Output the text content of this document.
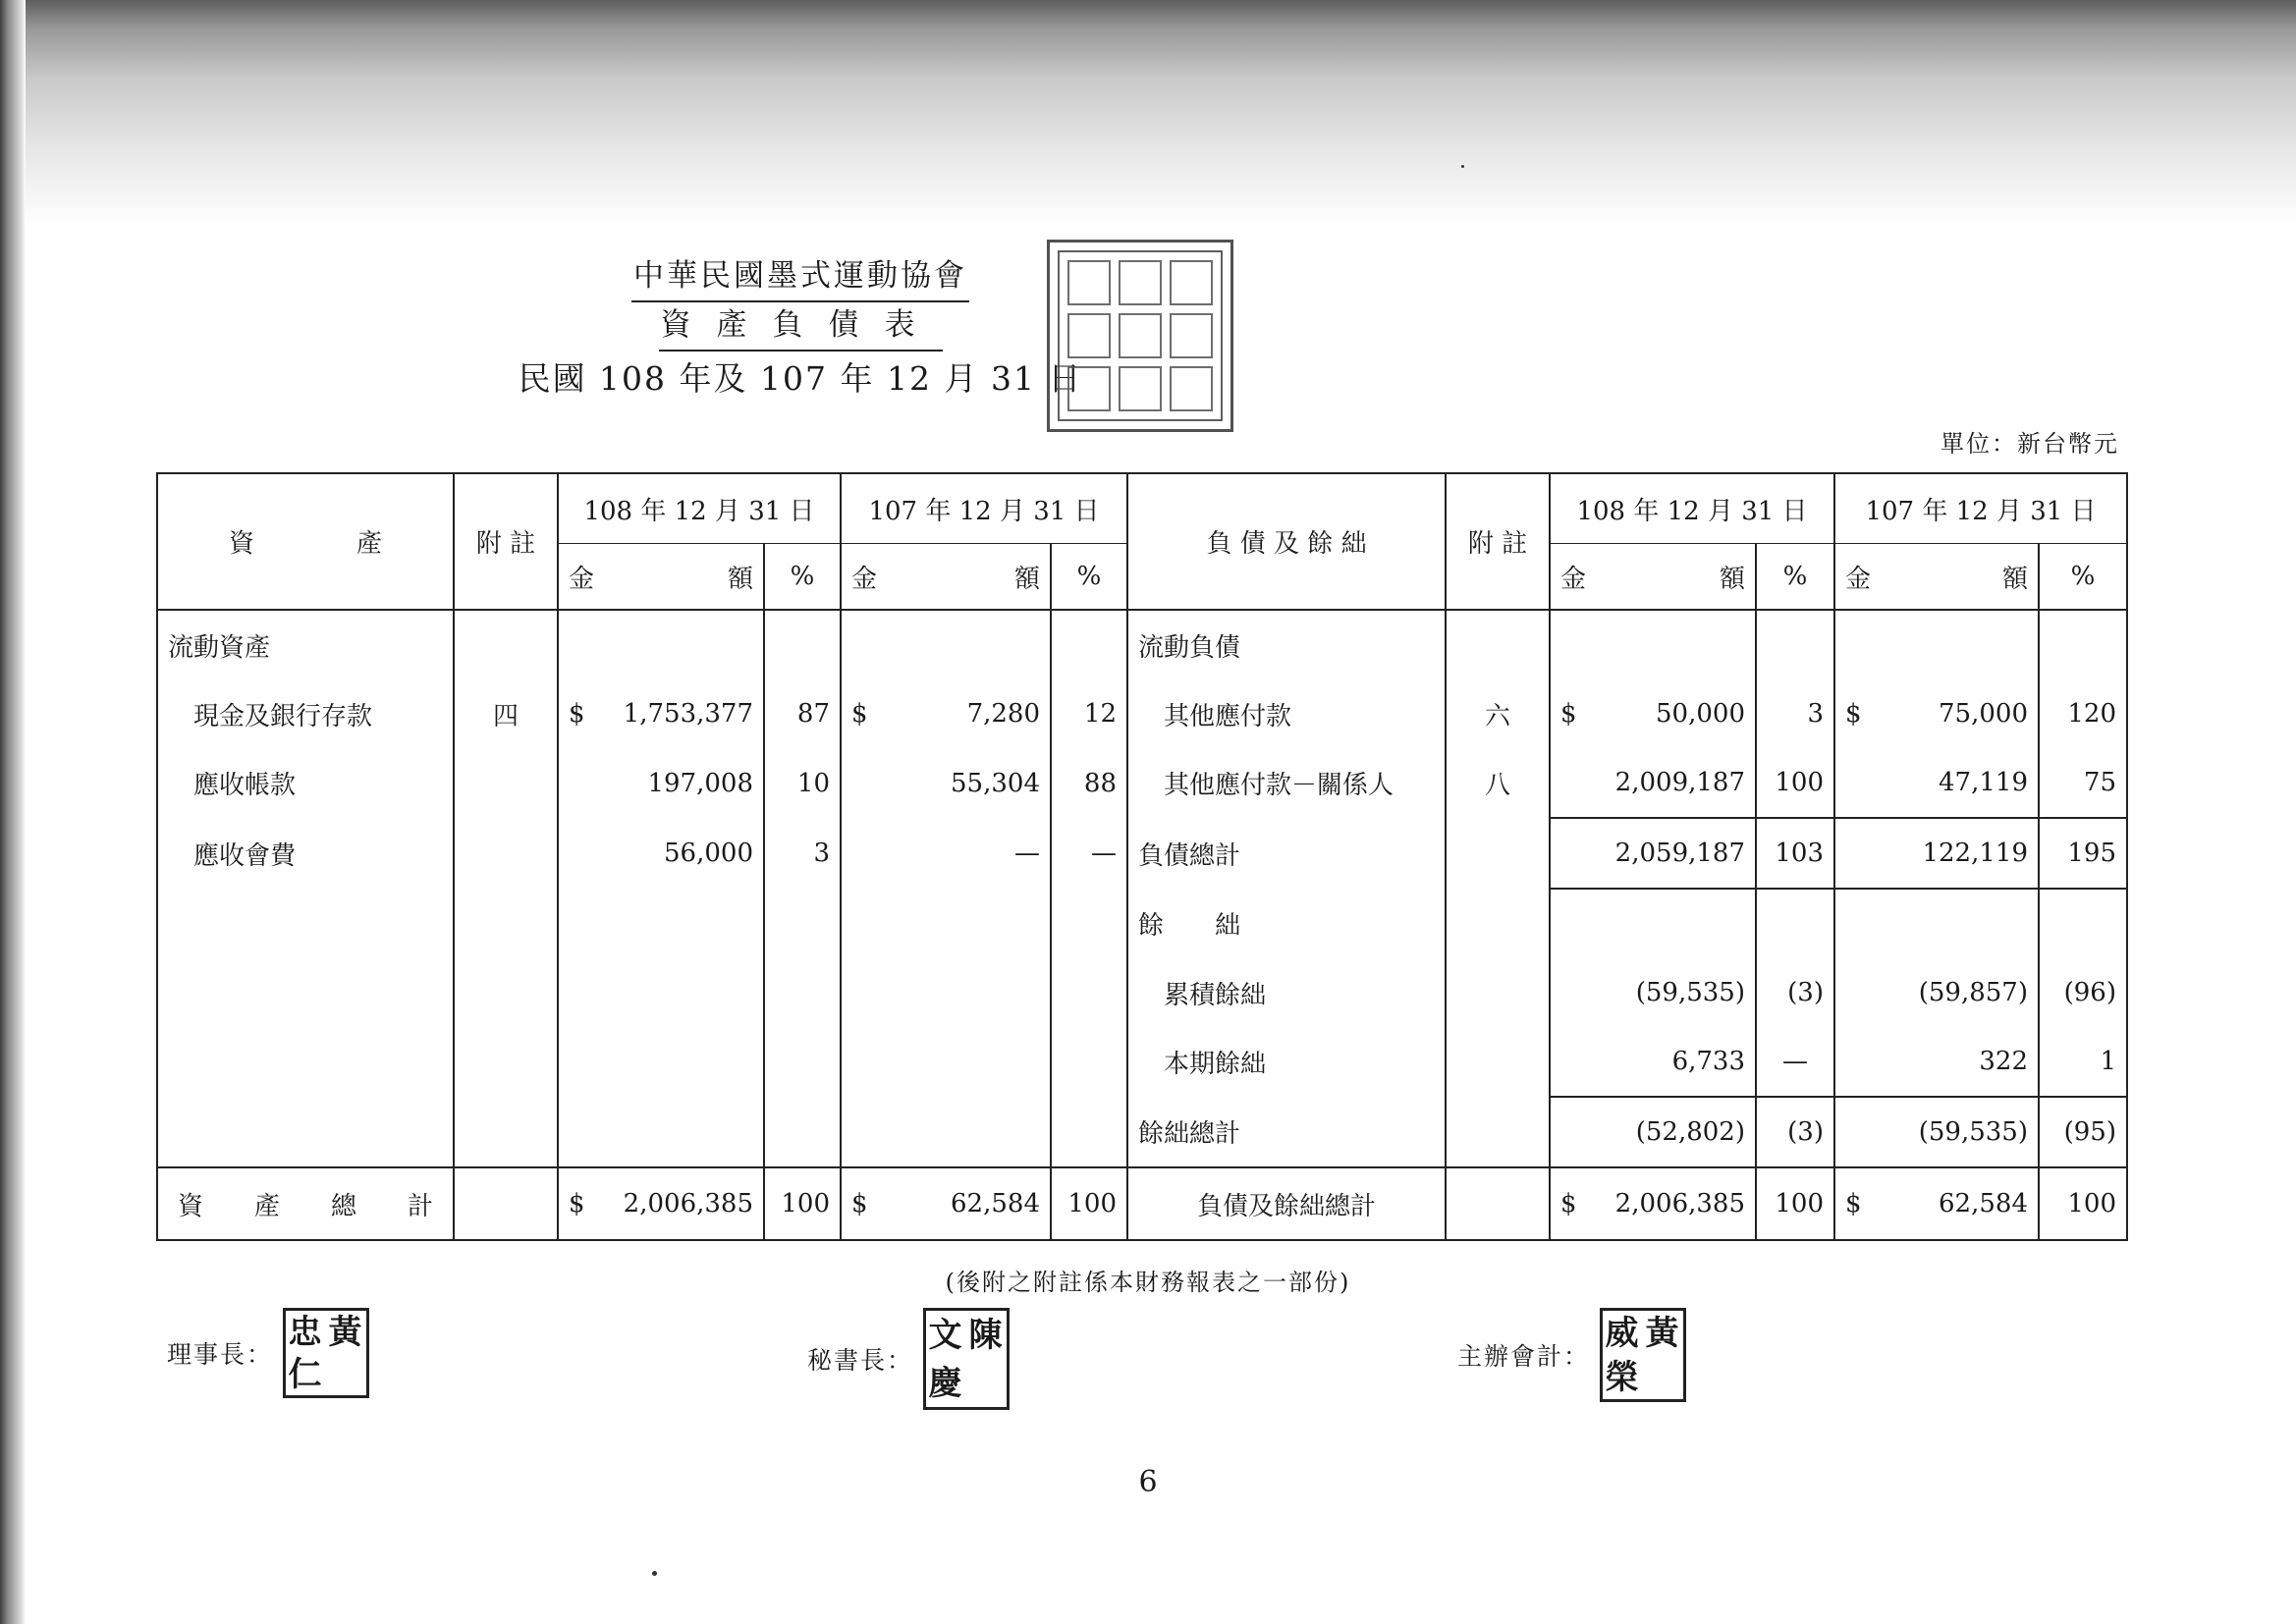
中華民國墨式運動協會
資產負債表
民國 108 年及 107 年 12 月 31 日
單位：新台幣元
資　　　　產	附 註	108 年 12 月 31 日		107 年 12 月 31 日		負 債 及 餘 絀	附 註	108 年 12 月 31 日		107 年 12 月 31 日	

		金 額	%	金 額	%			金 額	%	金 額	%
流動資產						流動負債					
現金及銀行存款	四	$ 1,753,377	87	$ 7,280	12	其他應付款	六	$ 50,000	3	$ 75,000	120
應收帳款		197,008	10	55,304	88	其他應付款－關係人	八	2,009,187	100	47,119	75
應收會費		56,000	3	—	—	負債總計		2,059,187	103	122,119	195
						餘　　絀					
						累積餘絀		(59,535)	(3)	(59,857)	(96)
						本期餘絀		6,733	—	322	1
						餘絀總計		(52,802)	(3)	(59,535)	(95)
資　　產　　總　　計		$ 2,006,385	100	$ 62,584	100	負債及餘絀總計		$ 2,006,385	100	$ 62,584	100
(後附之附註係本財務報表之一部份)
理事長：
忠 黃
仁	秘書長：
文 陳
慶
主辦會計：
威 黃
榮
6
